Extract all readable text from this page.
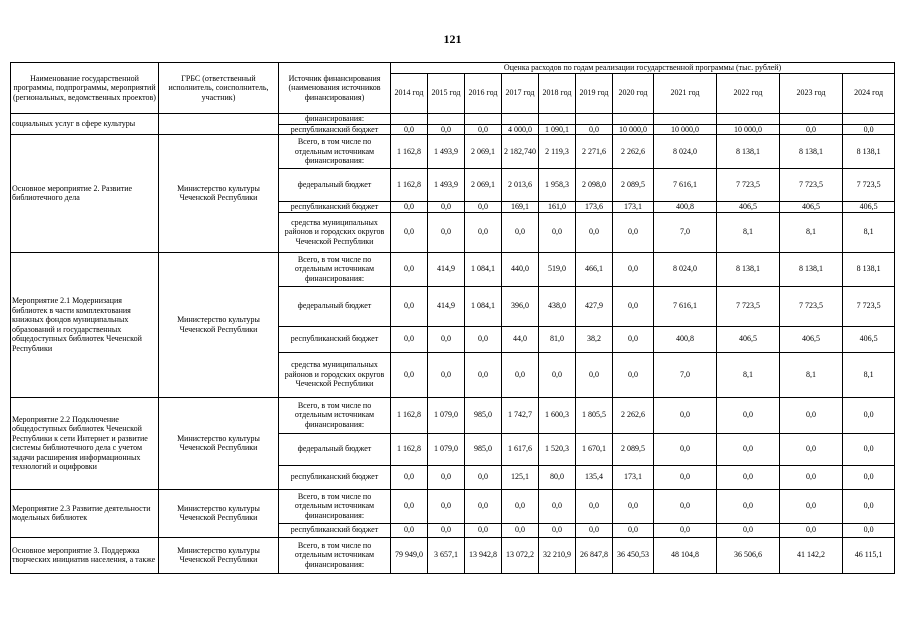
121
Наименование государственной программы, подпрограммы, мероприятий (региональных, ведомственных проектов)	ГРБС (ответственный исполнитель, соисполнитель, участник)	Источник финансирования (наименования источников финансирования)	Оценка расходов по годам реализации государственной программы (тыс. рублей)										
			2014 год	2015 год	2016 год	2017 год	2018 год	2019 год	2020 год	2021 год	2022 год	2023 год	2024 год
социальных услуг в сфере культуры		финансирования:											
		республиканский бюджет	0,0	0,0	0,0	4 000,0	1 090,1	0,0	10 000,0	10 000,0	10 000,0	0,0	0,0
Основное мероприятие 2. Развитие библиотечного дела	Министерство культуры Чеченской Республики	Всего, в том числе по отдельным источникам финансирования:	1 162,8	1 493,9	2 069,1	2 182,740	2 119,3	2 271,6	2 262,6	8 024,0	8 138,1	8 138,1	8 138,1
		федеральный бюджет	1 162,8	1 493,9	2 069,1	2 013,6	1 958,3	2 098,0	2 089,5	7 616,1	7 723,5	7 723,5	7 723,5
		республиканский бюджет	0,0	0,0	0,0	169,1	161,0	173,6	173,1	400,8	406,5	406,5	406,5
		средства муниципальных районов и городских округов Чеченской Республики	0,0	0,0	0,0	0,0	0,0	0,0	0,0	7,0	8,1	8,1	8,1
Мероприятие 2.1 Модернизация библиотек в части комплектования книжных фондов муниципальных образований и государственных общедоступных библиотек Чеченской Республики	Министерство культуры Чеченской Республики	Всего, в том числе по отдельным источникам финансирования:	0,0	414,9	1 084,1	440,0	519,0	466,1	0,0	8 024,0	8 138,1	8 138,1	8 138,1
		федеральный бюджет	0,0	414,9	1 084,1	396,0	438,0	427,9	0,0	7 616,1	7 723,5	7 723,5	7 723,5
		республиканский бюджет	0,0	0,0	0,0	44,0	81,0	38,2	0,0	400,8	406,5	406,5	406,5
		средства муниципальных районов и городских округов Чеченской Республики	0,0	0,0	0,0	0,0	0,0	0,0	0,0	7,0	8,1	8,1	8,1
Мероприятие 2.2 Подключение общедоступных библиотек Чеченской Республики к сети Интернет и развитие системы библиотечного дела с учетом задачи расширения информационных технологий и оцифровки	Министерство культуры Чеченской Республики	Всего, в том числе по отдельным источникам финансирования:	1 162,8	1 079,0	985,0	1 742,7	1 600,3	1 805,5	2 262,6	0,0	0,0	0,0	0,0
		федеральный бюджет	1 162,8	1 079,0	985,0	1 617,6	1 520,3	1 670,1	2 089,5	0,0	0,0	0,0	0,0
		республиканский бюджет	0,0	0,0	0,0	125,1	80,0	135,4	173,1	0,0	0,0	0,0	0,0
Мероприятие 2.3 Развитие деятельности модельных библиотек	Министерство культуры Чеченской Республики	Всего, в том числе по отдельным источникам финансирования:	0,0	0,0	0,0	0,0	0,0	0,0	0,0	0,0	0,0	0,0	0,0
		республиканский бюджет	0,0	0,0	0,0	0,0	0,0	0,0	0,0	0,0	0,0	0,0	0,0
Основное мероприятие 3. Поддержка творческих инициатив населения, а также	Министерство культуры Чеченской Республики	Всего, в том числе по отдельным источникам финансирования:	79 949,0	3 657,1	13 942,8	13 072,2	32 210,9	26 847,8	36 450,53	48 104,8	36 506,6	41 142,2	46 115,1
